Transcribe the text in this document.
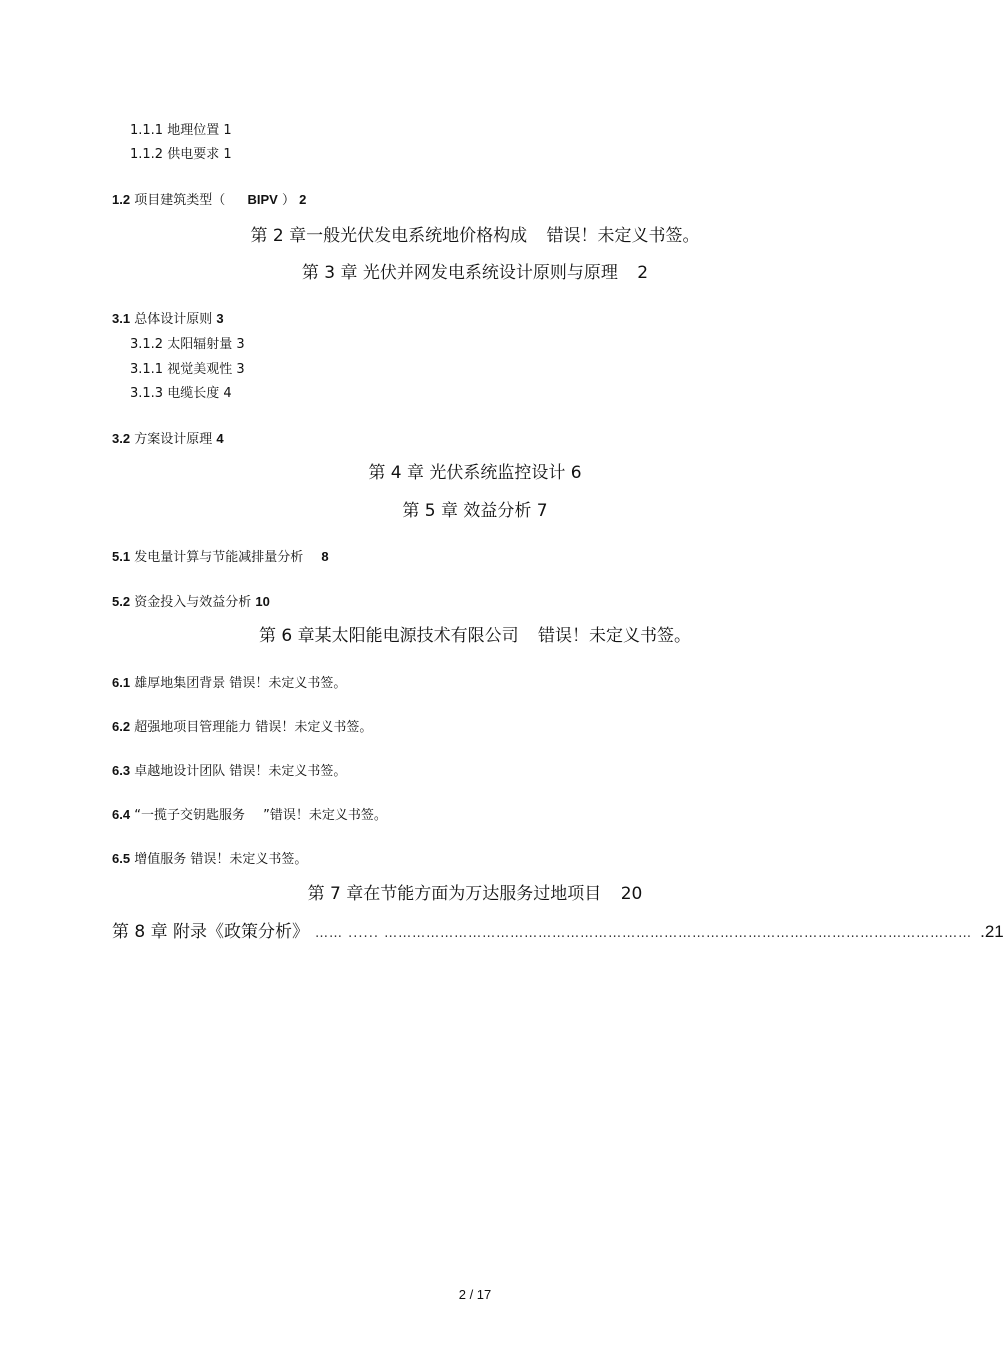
1.1.1 地理位置 1
1.1.2 供电要求 1
1.2 项目建筑类型（ BIPV ） 2
第 2 章一般光伏发电系统地价格构成 错误！未定义书签。
第 3 章 光伏并网发电系统设计原则与原理 2
3.1 总体设计原则 3
3.1.1 视觉美观性 3
3.1.2 太阳辐射量 3
3.1.3 电缆长度 4
3.2 方案设计原理 4
第 4 章 光伏系统监控设计 6
第 5 章 效益分析 7
5.1 发电量计算与节能减排量分析 8
5.2 资金投入与效益分析 10
第 6 章某太阳能电源技术有限公司 错误！未定义书签。
6.1 雄厚地集团背景 错误！未定义书签。
6.2 超强地项目管理能力 错误！未定义书签。
6.3 卓越地设计团队 错误！未定义书签。
6.4 “一揽子交钥匙服务 ”错误！未定义书签。
6.5 增值服务 错误！未定义书签。
第 7 章在节能方面为万达服务过地项目 20
第 8 章 附录《政策分析》 …… ...... ……………………………………………………………………………………………………………… .21
2 / 17
